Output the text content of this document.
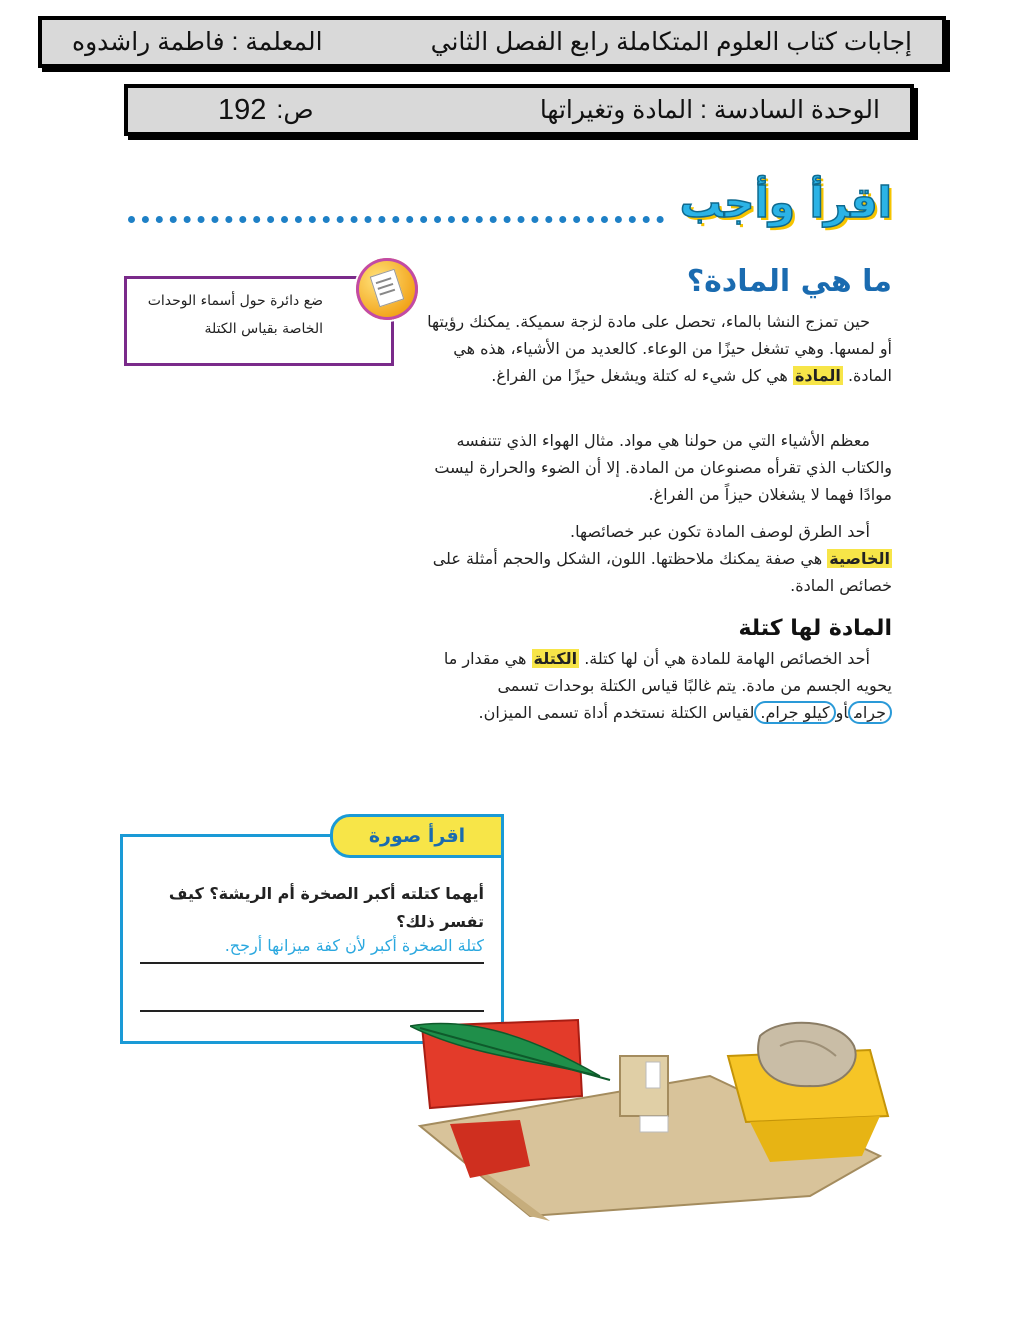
إجابات كتاب العلوم المتكاملة رابع الفصل الثاني
المعلمة : فاطمة راشدوه
الوحدة السادسة : المادة وتغيراتها
ص:
192
اقرأ وأجب
ضع دائرة حول أسماء الوحدات الخاصة بقياس الكتلة
ما هي المادة؟
حين تمزج النشا بالماء، تحصل على مادة لزجة سميكة. يمكنك رؤيتها أو لمسها. وهي تشغل حيزًا من الوعاء. كالعديد من الأشياء، هذه هي المادة. المادة هي كل شيء له كتلة ويشغل حيزًا من الفراغ.
معظم الأشياء التي من حولنا هي مواد. مثال الهواء الذي تتنفسه والكتاب الذي تقرأه مصنوعان من المادة. إلا أن الضوء والحرارة ليست موادًا فهما لا يشغلان حيزاً من الفراغ.
أحد الطرق لوصف المادة تكون عبر خصائصها.
الخاصية هي صفة يمكنك ملاحظتها. اللون، الشكل والحجم أمثلة على خصائص المادة.
المادة لها كتلة
أحد الخصائص الهامة للمادة هي أن لها كتلة. الكتلة هي مقدار ما يحويه الجسم من مادة. يتم غالبًا قياس الكتلة بوحدات تسمى جرامأوكيلو جرام.لقياس الكتلة نستخدم أداة تسمى الميزان.
اقرأ صورة
أيهما كتلته أكبر الصخرة أم الريشة؟ كيف تفسر ذلك؟
كتلة الصخرة أكبر لأن كفة ميزانها أرجح.
